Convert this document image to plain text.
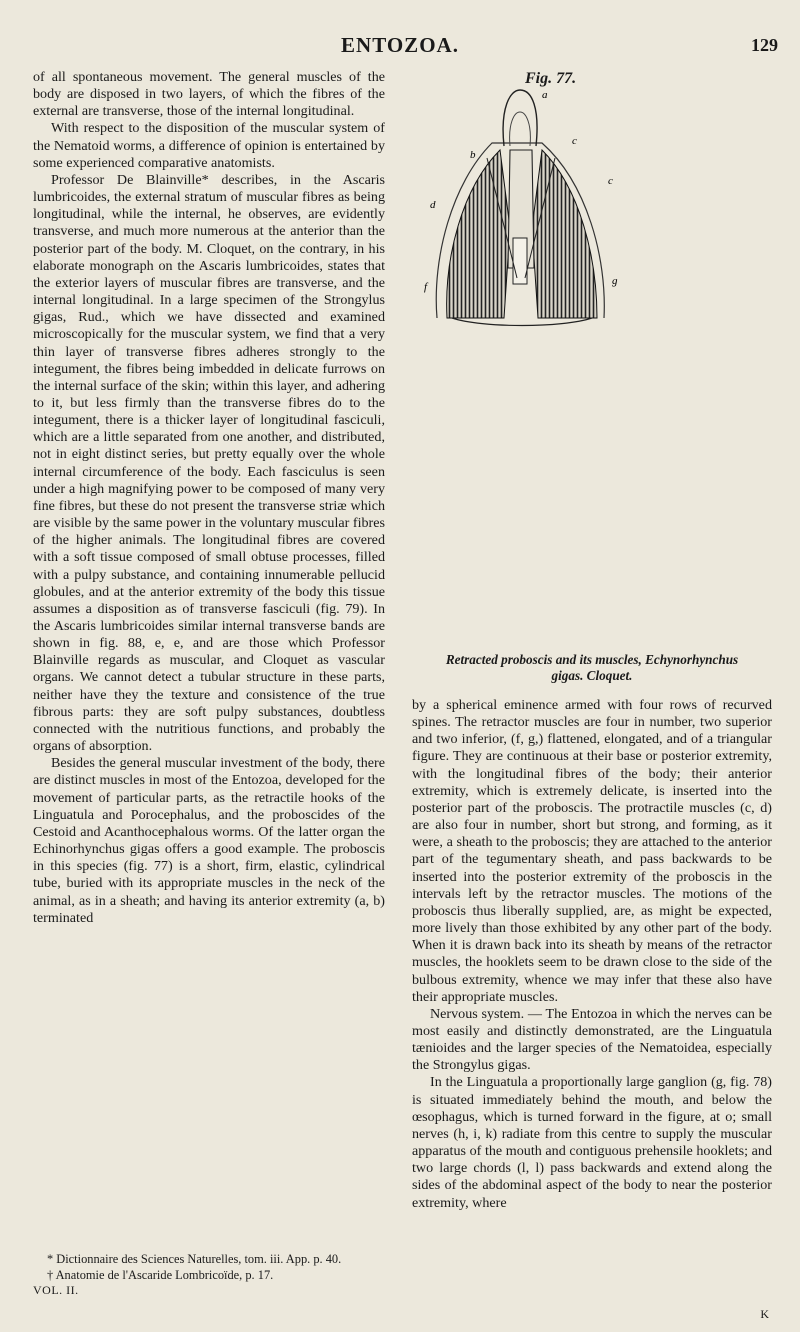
ENTOZOA.	129

of all spontaneous movement. The general muscles of the body are disposed in two layers, of which the fibres of the external are transverse, those of the internal longitudinal.

With respect to the disposition of the muscular system of the Nematoid worms, a difference of opinion is entertained by some experienced comparative anatomists.

Professor De Blainville* describes, in the Ascaris lumbricoides, the external stratum of muscular fibres as being longitudinal, while the internal, he observes, are evidently transverse, and much more numerous at the anterior than the posterior part of the body. M. Cloquet, on the contrary, in his elaborate monograph on the Ascaris lumbricoides, states that the exterior layers of muscular fibres are transverse, and the internal longitudinal. In a large specimen of the Strongylus gigas, Rud., which we have dissected and examined microscopically for the muscular system, we find that a very thin layer of transverse fibres adheres strongly to the integument, the fibres being imbedded in delicate furrows on the internal surface of the skin; within this layer, and adhering to it, but less firmly than the transverse fibres do to the integument, there is a thicker layer of longitudinal fasciculi, which are a little separated from one another, and distributed, not in eight distinct series, but pretty equally over the whole internal circumference of the body. Each fasciculus is seen under a high magnifying power to be composed of many very fine fibres, but these do not present the transverse striæ which are visible by the same power in the voluntary muscular fibres of the higher animals. The longitudinal fibres are covered with a soft tissue composed of small obtuse processes, filled with a pulpy substance, and containing innumerable pellucid globules, and at the anterior extremity of the body this tissue assumes a disposition as of transverse fasciculi (fig. 79). In the Ascaris lumbricoides similar internal transverse bands are shown in fig. 88, e, e, and are those which Professor Blainville regards as muscular, and Cloquet as vascular organs. We cannot detect a tubular structure in these parts, neither have they the texture and consistence of the true fibrous parts: they are soft pulpy substances, doubtless connected with the nutritious functions, and probably the organs of absorption.

Besides the general muscular investment of the body, there are distinct muscles in most of the Entozoa, developed for the movement of particular parts, as the retractile hooks of the Linguatula and Porocephalus, and the proboscides of the Cestoid and Acanthocephalous worms. Of the latter organ the Echinorhynchus gigas offers a good example. The proboscis in this species (fig. 77) is a short, firm, elastic, cylindrical tube, buried with its appropriate muscles in the neck of the animal, as in a sheath; and having its anterior extremity (a, b) terminated

* Dictionnaire des Sciences Naturelles, tom. iii. App. p. 40.
† Anatomie de l'Ascaride Lombricoïde, p. 17.
VOL. II.
Fig. 77.
a
b
c
c
d
f	g
Retracted proboscis and its muscles, Echynorhynchus
gigas. Cloquet.

by a spherical eminence armed with four rows of recurved spines. The retractor muscles are four in number, two superior and two inferior, (f, g,) flattened, elongated, and of a triangular figure. They are continuous at their base or posterior extremity, with the longitudinal fibres of the body; their anterior extremity, which is extremely delicate, is inserted into the posterior part of the proboscis. The protractile muscles (c, d) are also four in number, short but strong, and forming, as it were, a sheath to the proboscis; they are attached to the anterior part of the tegumentary sheath, and pass backwards to be inserted into the posterior extremity of the proboscis in the intervals left by the retractor muscles. The motions of the proboscis thus liberally supplied, are, as might be expected, more lively than those exhibited by any other part of the body. When it is drawn back into its sheath by means of the retractor muscles, the hooklets seem to be drawn close to the side of the bulbous extremity, whence we may infer that these also have their appropriate muscles.

Nervous system. — The Entozoa in which the nerves can be most easily and distinctly demonstrated, are the Linguatula tænioides and the larger species of the Nematoidea, especially the Strongylus gigas.

In the Linguatula a proportionally large ganglion (g, fig. 78) is situated immediately behind the mouth, and below the œsophagus, which is turned forward in the figure, at o; small nerves (h, i, k) radiate from this centre to supply the muscular apparatus of the mouth and contiguous prehensile hooklets; and two large chords (l, l) pass backwards and extend along the sides of the abdominal aspect of the body to near the posterior extremity, where

K
